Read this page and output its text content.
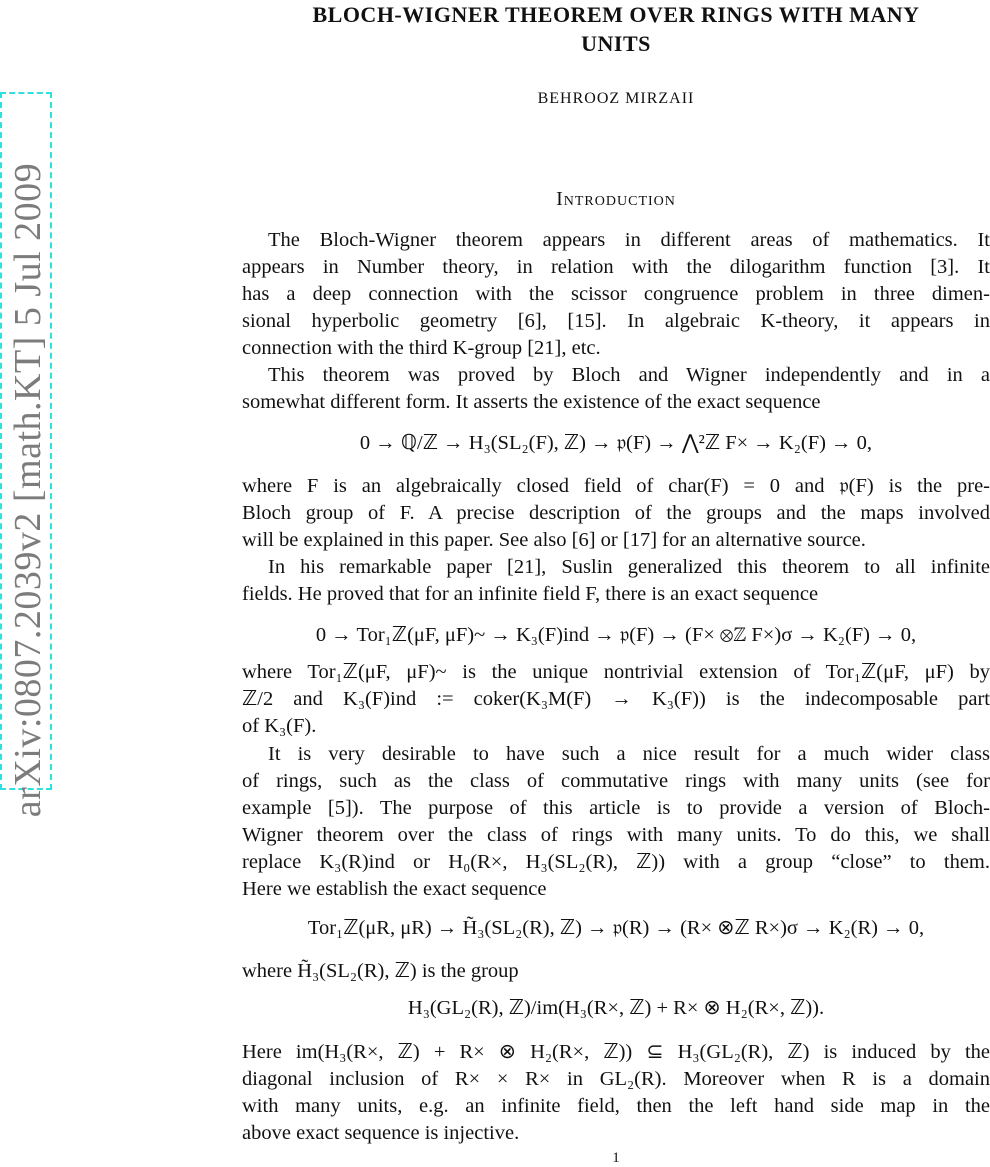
arXiv:0807.2039v2 [math.KT] 5 Jul 2009
BLOCH-WIGNER THEOREM OVER RINGS WITH MANY
UNITS
BEHROOZ MIRZAII
Introduction
The Bloch-Wigner theorem appears in different areas of mathematics. It
appears in Number theory, in relation with the dilogarithm function [3]. It
has a deep connection with the scissor congruence problem in three dimen-
sional hyperbolic geometry [6], [15]. In algebraic K-theory, it appears in
connection with the third K-group [21], etc.
This theorem was proved by Bloch and Wigner independently and in a
somewhat different form. It asserts the existence of the exact sequence
0 → ℚ/ℤ → H₃(SL₂(F), ℤ) → 𝔭(F) → ⋀²ℤ F× → K₂(F) → 0,
where F is an algebraically closed field of char(F) = 0 and 𝔭(F) is the pre-
Bloch group of F. A precise description of the groups and the maps involved
will be explained in this paper. See also [6] or [17] for an alternative source.
In his remarkable paper [21], Suslin generalized this theorem to all infinite
fields. He proved that for an infinite field F, there is an exact sequence
0 → Tor₁ℤ(μF, μF)~ → K₃(F)ind → 𝔭(F) → (F× ⊗ℤ F×)σ → K₂(F) → 0,
where Tor₁ℤ(μF, μF)~ is the unique nontrivial extension of Tor₁ℤ(μF, μF) by
ℤ/2 and K₃(F)ind := coker(K₃M(F) → K₃(F)) is the indecomposable part
of K₃(F).
It is very desirable to have such a nice result for a much wider class
of rings, such as the class of commutative rings with many units (see for
example [5]). The purpose of this article is to provide a version of Bloch-
Wigner theorem over the class of rings with many units. To do this, we shall
replace K₃(R)ind or H₀(R×, H₃(SL₂(R), ℤ)) with a group “close” to them.
Here we establish the exact sequence
Tor₁ℤ(μR, μR) → H̃₃(SL₂(R), ℤ) → 𝔭(R) → (R× ⊗ℤ R×)σ → K₂(R) → 0,
where H̃₃(SL₂(R), ℤ) is the group
H₃(GL₂(R), ℤ)/im(H₃(R×, ℤ) + R× ⊗ H₂(R×, ℤ)).
Here im(H₃(R×, ℤ) + R× ⊗ H₂(R×, ℤ)) ⊆ H₃(GL₂(R), ℤ) is induced by the
diagonal inclusion of R× × R× in GL₂(R). Moreover when R is a domain
with many units, e.g. an infinite field, then the left hand side map in the
above exact sequence is injective.
1
